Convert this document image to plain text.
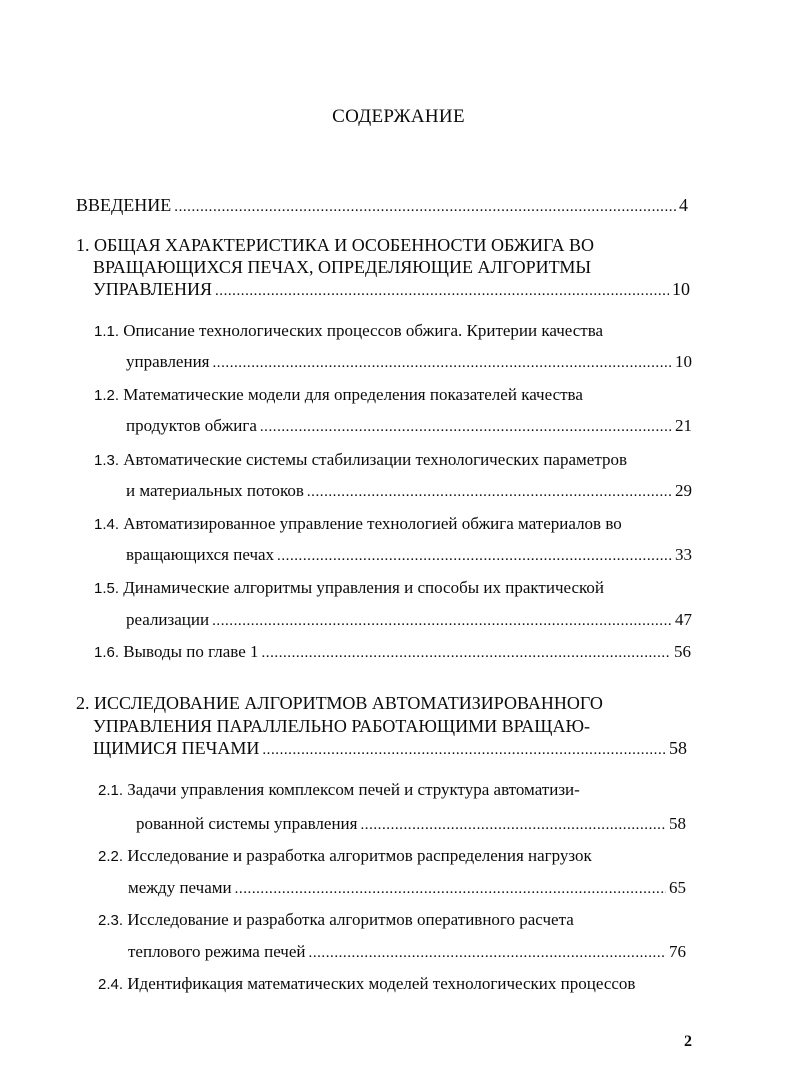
СОДЕРЖАНИЕ
ВВЕДЕНИЕ . . .	4
1. ОБЩАЯ ХАРАКТЕРИСТИКА И ОСОБЕННОСТИ ОБЖИГА ВО
ВРАЩАЮЩИХСЯ ПЕЧАХ, ОПРЕДЕЛЯЮЩИЕ АЛГОРИТМЫ
УПРАВЛЕНИЯ . . .	10
1.1. Описание технологических процессов обжига. Критерии качества
управления . . .	10
1.2. Математические модели для определения показателей качества
продуктов обжига . . .	21
1.3. Автоматические системы стабилизации технологических параметров
и материальных потоков . . .	29
1.4. Автоматизированное управление технологией обжига материалов во
вращающихся печах . . .	33
1.5. Динамические алгоритмы управления и способы их практической
реализации . . .	47
1.6. Выводы по главе 1 . . .	56
2. ИССЛЕДОВАНИЕ АЛГОРИТМОВ АВТОМАТИЗИРОВАННОГО
УПРАВЛЕНИЯ ПАРАЛЛЕЛЬНО РАБОТАЮЩИМИ ВРАЩАЮ-
ЩИМИСЯ ПЕЧАМИ . . .	58
2.1. Задачи управления комплексом печей и структура автоматизи-
рованной системы управления . . .	58
2.2. Исследование и разработка алгоритмов распределения нагрузок
между печами . . .	65
2.3. Исследование и разработка алгоритмов оперативного расчета
теплового режима печей . . .	76
2.4. Идентификация математических моделей технологических процессов
2
